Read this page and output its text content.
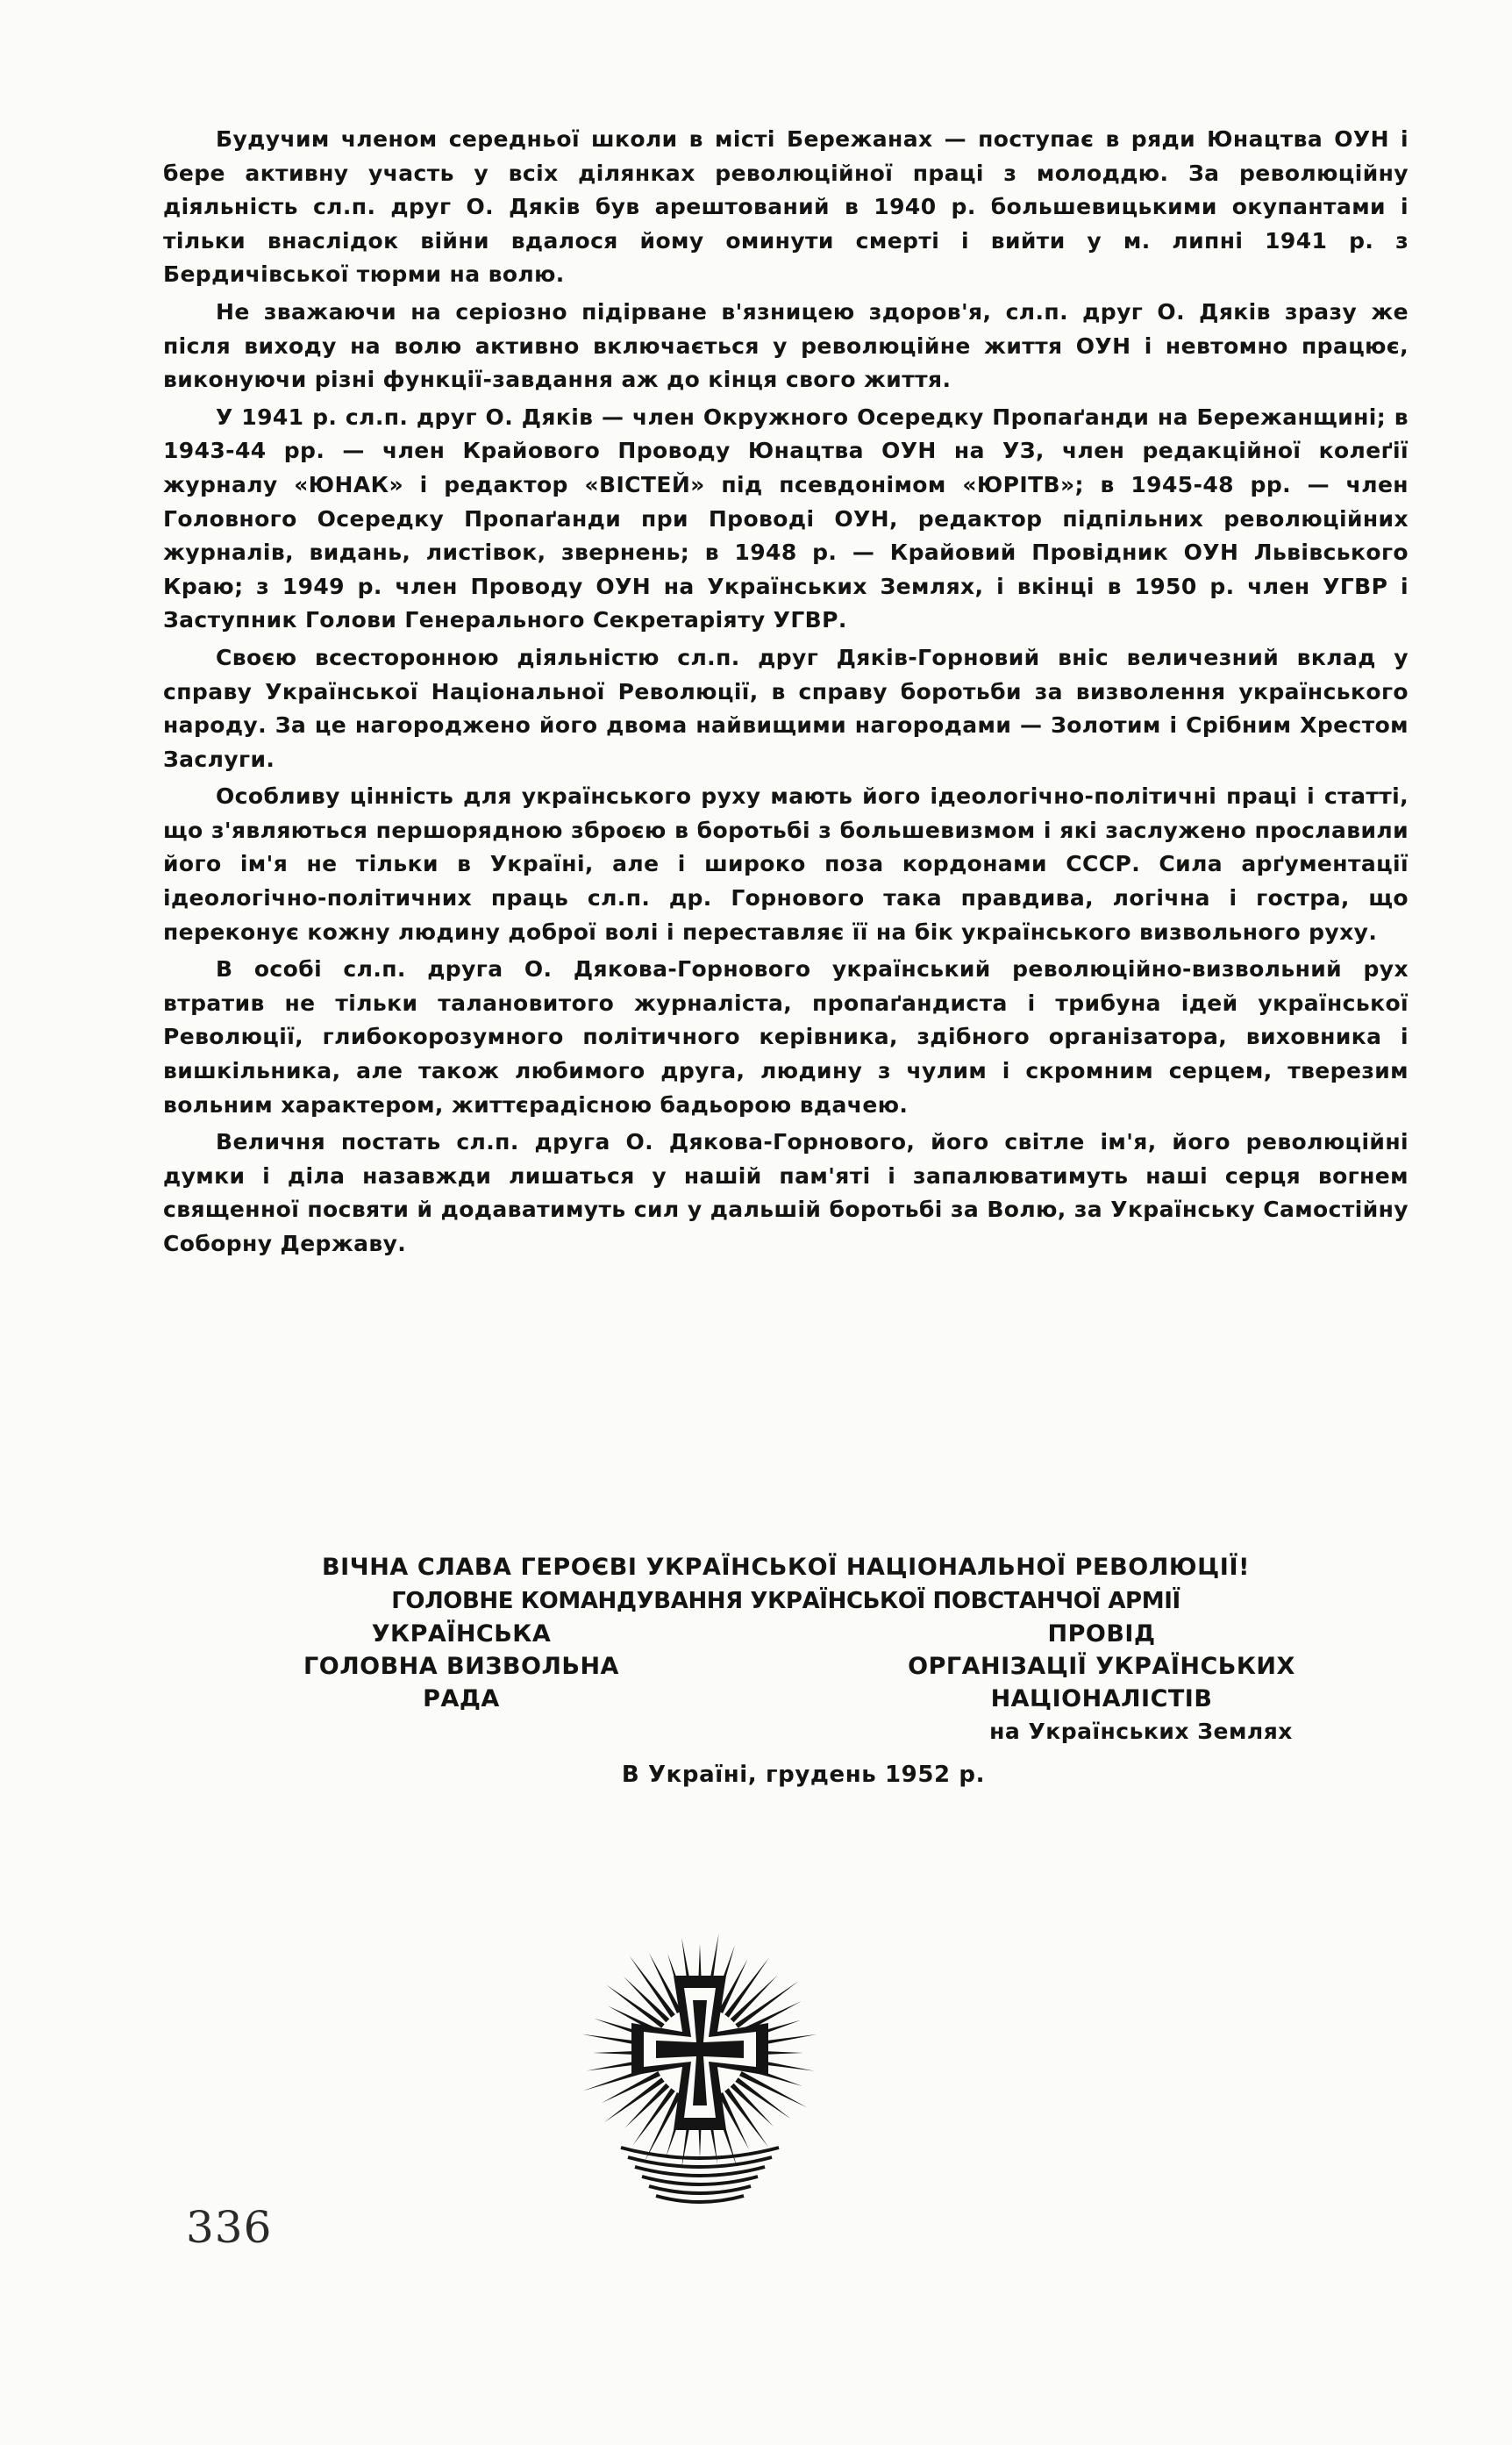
Будучим членом середньої школи в місті Бережанах — поступає в ряди Юнацтва ОУН і бере активну участь у всіх ділянках революційної праці з молоддю. За революційну діяльність сл.п. друг О. Дяків був арештований в 1940 р. большевицькими окупантами і тільки внаслідок війни вдалося йому оминути смерті і вийти у м. липні 1941 р. з Бердичівської тюрми на волю.

Не зважаючи на серіозно підірване в'язницею здоров'я, сл.п. друг О. Дяків зразу же після виходу на волю активно включається у революційне життя ОУН і невтомно працює, виконуючи різні функції-завдання аж до кінця свого життя.

У 1941 р. сл.п. друг О. Дяків — член Окружного Осередку Пропаґанди на Бережанщині; в 1943-44 рр. — член Крайового Проводу Юнацтва ОУН на УЗ, член редакційної колеґії журналу «ЮНАК» і редактор «ВІСТЕЙ» під псевдонімом «ЮРІТВ»; в 1945-48 рр. — член Головного Осередку Пропаґанди при Проводі ОУН, редактор підпільних революційних журналів, видань, листівок, звернень; в 1948 р. — Крайовий Провідник ОУН Львівського Краю; з 1949 р. член Проводу ОУН на Українських Землях, і вкінці в 1950 р. член УГВР і Заступник Голови Генерального Секретаріяту УГВР.

Своєю всесторонною діяльністю сл.п. друг Дяків-Горновий вніс величезний вклад у справу Української Національної Революції, в справу боротьби за визволення українського народу. За це нагороджено його двома найвищими нагородами — Золотим і Срібним Хрестом Заслуги.

Особливу цінність для українського руху мають його ідеологічно-політичні праці і статті, що з'являються першорядною зброєю в боротьбі з большевизмом і які заслужено прославили його ім'я не тільки в Україні, але і широко поза кордонами СССР. Сила арґументації ідеологічно-політичних праць сл.п. др. Горнового така правдива, логічна і гостра, що переконує кожну людину доброї волі і переставляє її на бік українського визвольного руху.

В особі сл.п. друга О. Дякова-Горнового український революційно-визвольний рух втратив не тільки талановитого журналіста, пропаґандиста і трибуна ідей української Революції, глибокорозумного політичного керівника, здібного організатора, виховника і вишкільника, але також любимого друга, людину з чулим і скромним серцем, тверезим вольним характером, життєрадісною бадьорою вдачею.

Величня постать сл.п. друга О. Дякова-Горнового, його світле ім'я, його революційні думки і діла назавжди лишаться у нашій пам'яті і запалюватимуть наші серця вогнем священної посвяти й додаватимуть сил у дальшій боротьбі за Волю, за Українську Самостійну Соборну Державу.

ВІЧНА СЛАВА ГЕРОЄВІ УКРАЇНСЬКОЇ НАЦІОНАЛЬНОЇ РЕВОЛЮЦІЇ!
ГОЛОВНЕ КОМАНДУВАННЯ УКРАЇНСЬКОЇ ПОВСТАНЧОЇ АРМІЇ
УКРАЇНСЬКА
ГОЛОВНА ВИЗВОЛЬНА
РАДА
ПРОВІД
ОРГАНІЗАЦІЇ УКРАЇНСЬКИХ
НАЦІОНАЛІСТІВ
на Українських Землях
В Україні, грудень 1952 р.
336
